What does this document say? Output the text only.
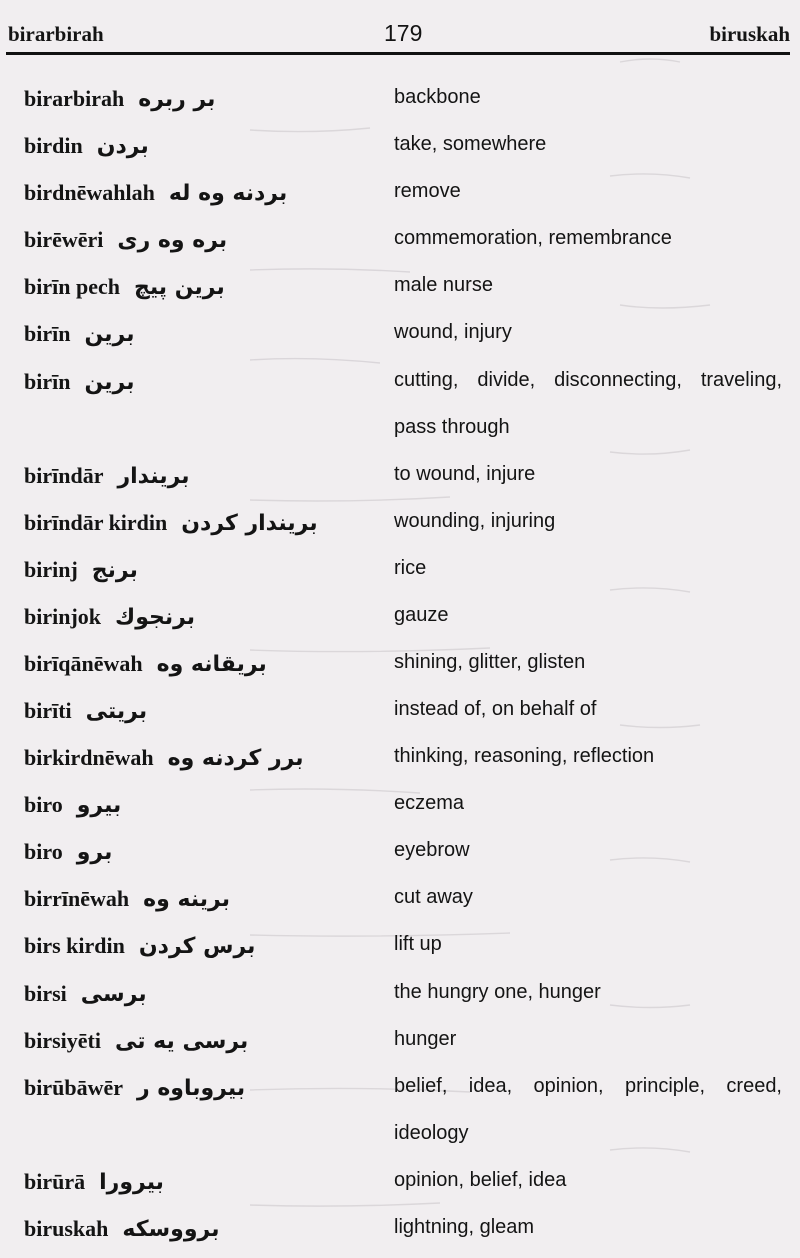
birarbirah	179	biruskah
birarbirah بر ربره	backbone
birdin بردن	take, somewhere
birdnēwahlah بردنه وه له	remove
birēwēri بره وه رى	commemoration, remembrance
birīn pech برين پيچ	male nurse
birīn برين	wound, injury
birīn برين	cutting, divide, disconnecting, traveling, pass through
birīndār بريندار	to wound, injure
birīndār kirdin بريندار كردن	wounding, injuring
birinj برنج	rice
birinjok برنجوك	gauze
birīqānēwah بريقانه وه	shining, glitter, glisten
birīti بريتى	instead of, on behalf of
birkirdnēwah برر كردنه وه	thinking, reasoning, reflection
biro بيرو	eczema
biro برو	eyebrow
birrīnēwah برينه وه	cut away
birs kirdin برس كردن	lift up
birsi برسى	the hungry one, hunger
birsiyēti برسى يه تى	hunger
birūbāwēr بيروباوه ر	belief, idea, opinion, principle, creed, ideology
birūrā بيرورا	opinion, belief, idea
biruskah برووسكه	lightning, gleam
